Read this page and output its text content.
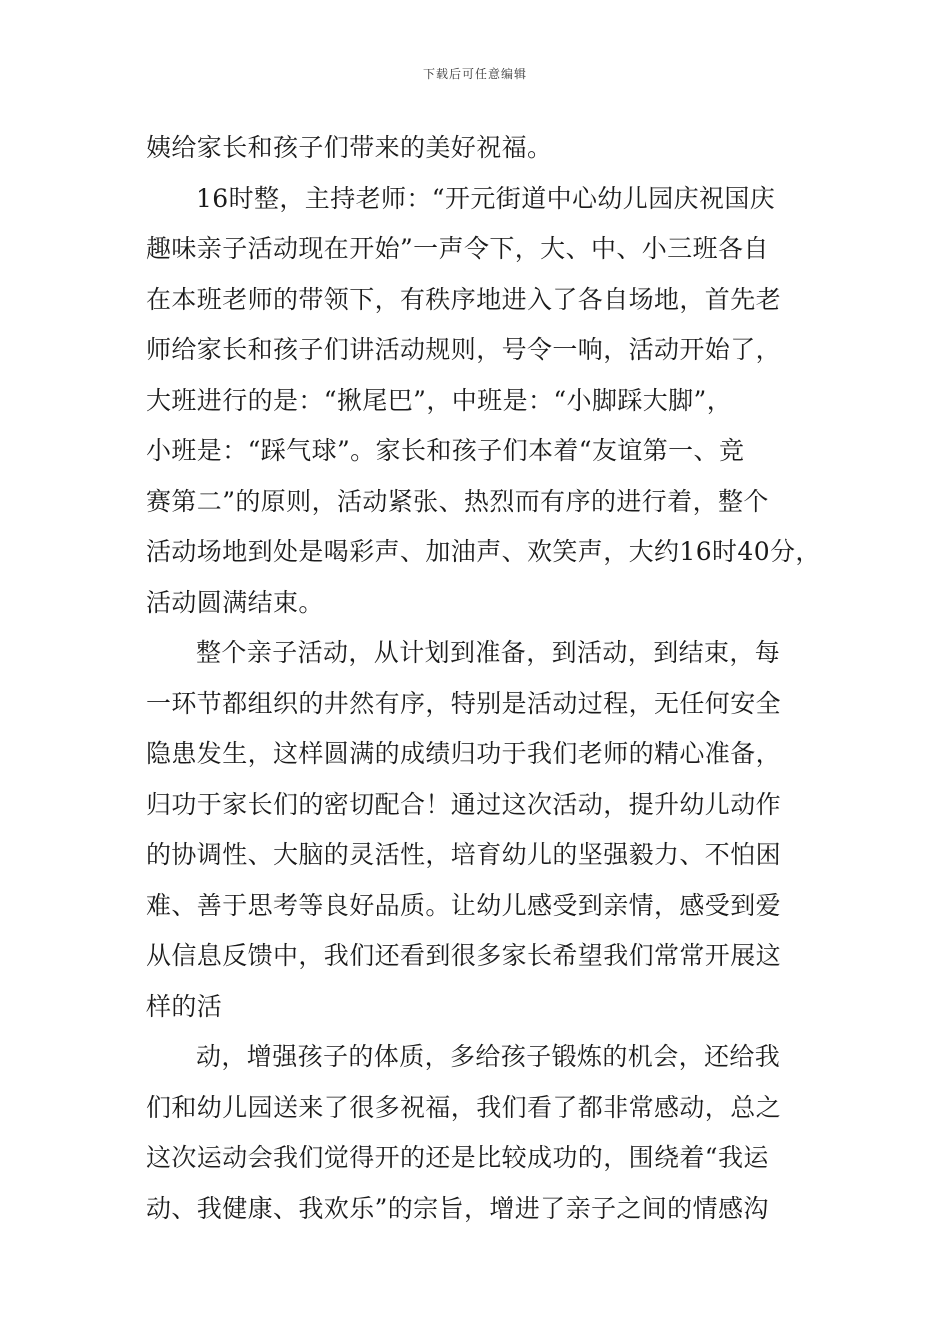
下载后可任意编辑
姨给家长和孩子们带来的美好祝福。
16时整，主持老师：“开元街道中心幼儿园庆祝国庆
趣味亲子活动现在开始”一声令下，大、中、小三班各自
在本班老师的带领下，有秩序地进入了各自场地，首先老
师给家长和孩子们讲活动规则，号令一响，活动开始了，
大班进行的是：“揪尾巴”，中班是：“小脚踩大脚”，
小班是：“踩气球”。家长和孩子们本着“友谊第一、竞
赛第二”的原则，活动紧张、热烈而有序的进行着，整个
活动场地到处是喝彩声、加油声、欢笑声，大约16时40分，
活动圆满结束。
整个亲子活动，从计划到准备，到活动，到结束，每
一环节都组织的井然有序，特别是活动过程，无任何安全
隐患发生，这样圆满的成绩归功于我们老师的精心准备，
归功于家长们的密切配合！通过这次活动，提升幼儿动作
的协调性、大脑的灵活性，培育幼儿的坚强毅力、不怕困
难、善于思考等良好品质。让幼儿感受到亲情，感受到爱
从信息反馈中，我们还看到很多家长希望我们常常开展这
样的活
动，增强孩子的体质，多给孩子锻炼的机会，还给我
们和幼儿园送来了很多祝福，我们看了都非常感动，总之
这次运动会我们觉得开的还是比较成功的，围绕着“我运
动、我健康、我欢乐”的宗旨，增进了亲子之间的情感沟
